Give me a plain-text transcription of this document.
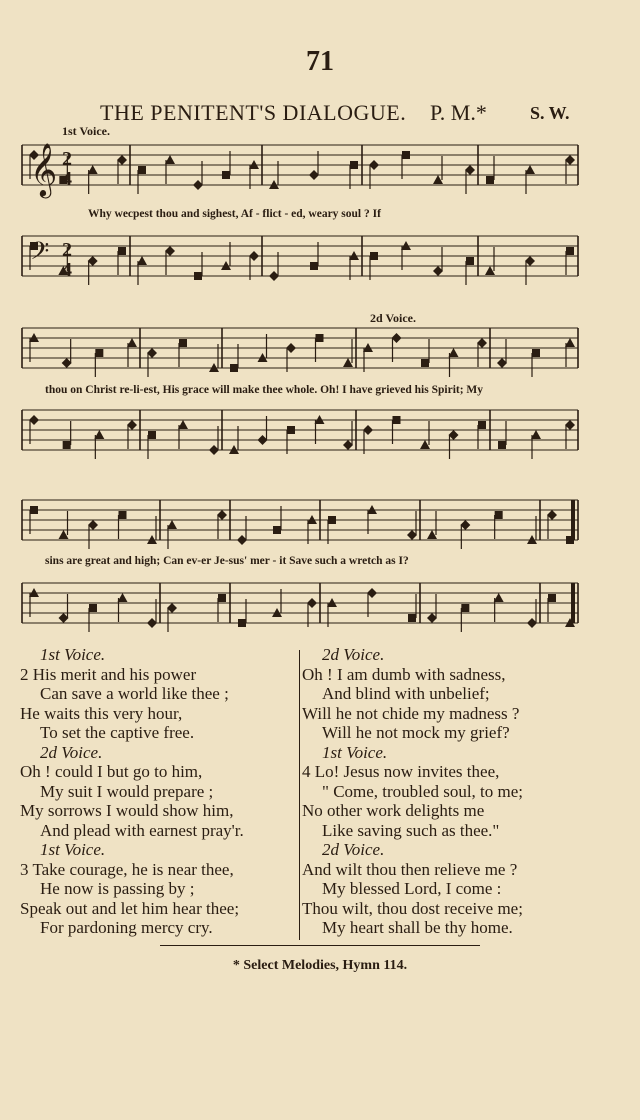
71
THE PENITENT'S DIALOGUE. P. M.* S. W.
1st Voice.
2d Voice.
𝄞 2
4
𝄢 2
4
Why wecpest thou and sighest, Af - flict - ed, weary soul ? If
thou on Christ re-li-est, His grace will make thee whole. Oh! I have grieved his Spirit; My
sins are great and high; Can ev-er Je-sus' mer - it Save such a wretch as I?
1st Voice.
2 His merit and his power
Can save a world like thee ;
He waits this very hour,
To set the captive free.
2d Voice.
Oh ! could I but go to him,
My suit I would prepare ;
My sorrows I would show him,
And plead with earnest pray'r.
1st Voice.
3 Take courage, he is near thee,
He now is passing by ;
Speak out and let him hear thee;
For pardoning mercy cry.
2d Voice.
Oh ! I am dumb with sadness,
And blind with unbelief;
Will he not chide my madness ?
Will he not mock my grief?
1st Voice.
4 Lo! Jesus now invites thee,
" Come, troubled soul, to me;
No other work delights me
Like saving such as thee."
2d Voice.
And wilt thou then relieve me ?
My blessed Lord, I come :
Thou wilt, thou dost receive me;
My heart shall be thy home.
* Select Melodies, Hymn 114.
